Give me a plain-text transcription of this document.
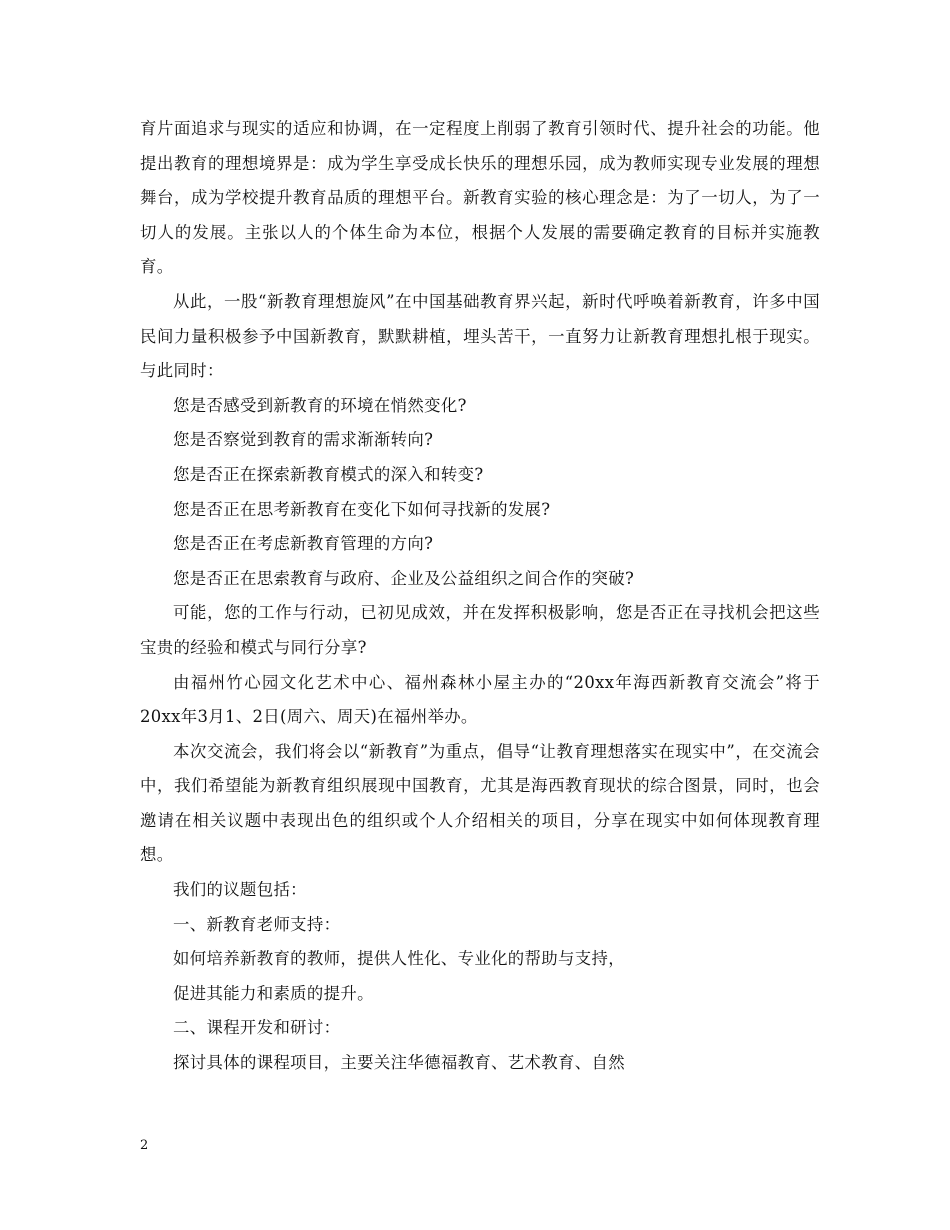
育片面追求与现实的适应和协调，在一定程度上削弱了教育引领时代、提升社会的功能。他提出教育的理想境界是：成为学生享受成长快乐的理想乐园，成为教师实现专业发展的理想舞台，成为学校提升教育品质的理想平台。新教育实验的核心理念是：为了一切人，为了一切人的发展。主张以人的个体生命为本位，根据个人发展的需要确定教育的目标并实施教育。

从此，一股“新教育理想旋风”在中国基础教育界兴起，新时代呼唤着新教育，许多中国民间力量积极参予中国新教育，默默耕植，埋头苦干，一直努力让新教育理想扎根于现实。与此同时：

您是否感受到新教育的环境在悄然变化?

您是否察觉到教育的需求渐渐转向?

您是否正在探索新教育模式的深入和转变?

您是否正在思考新教育在变化下如何寻找新的发展?

您是否正在考虑新教育管理的方向?

您是否正在思索教育与政府、企业及公益组织之间合作的突破?

可能，您的工作与行动，已初见成效，并在发挥积极影响，您是否正在寻找机会把这些宝贵的经验和模式与同行分享?

由福州竹心园文化艺术中心、福州森林小屋主办的“20xx年海西新教育交流会”将于20xx年3月1、2日(周六、周天)在福州举办。

本次交流会，我们将会以“新教育”为重点，倡导“让教育理想落实在现实中”，在交流会中，我们希望能为新教育组织展现中国教育，尤其是海西教育现状的综合图景，同时，也会邀请在相关议题中表现出色的组织或个人介绍相关的项目，分享在现实中如何体现教育理想。

我们的议题包括：

一、新教育老师支持：

如何培养新教育的教师，提供人性化、专业化的帮助与支持，

促进其能力和素质的提升。

二、课程开发和研讨：

探讨具体的课程项目，主要关注华德福教育、艺术教育、自然

2
